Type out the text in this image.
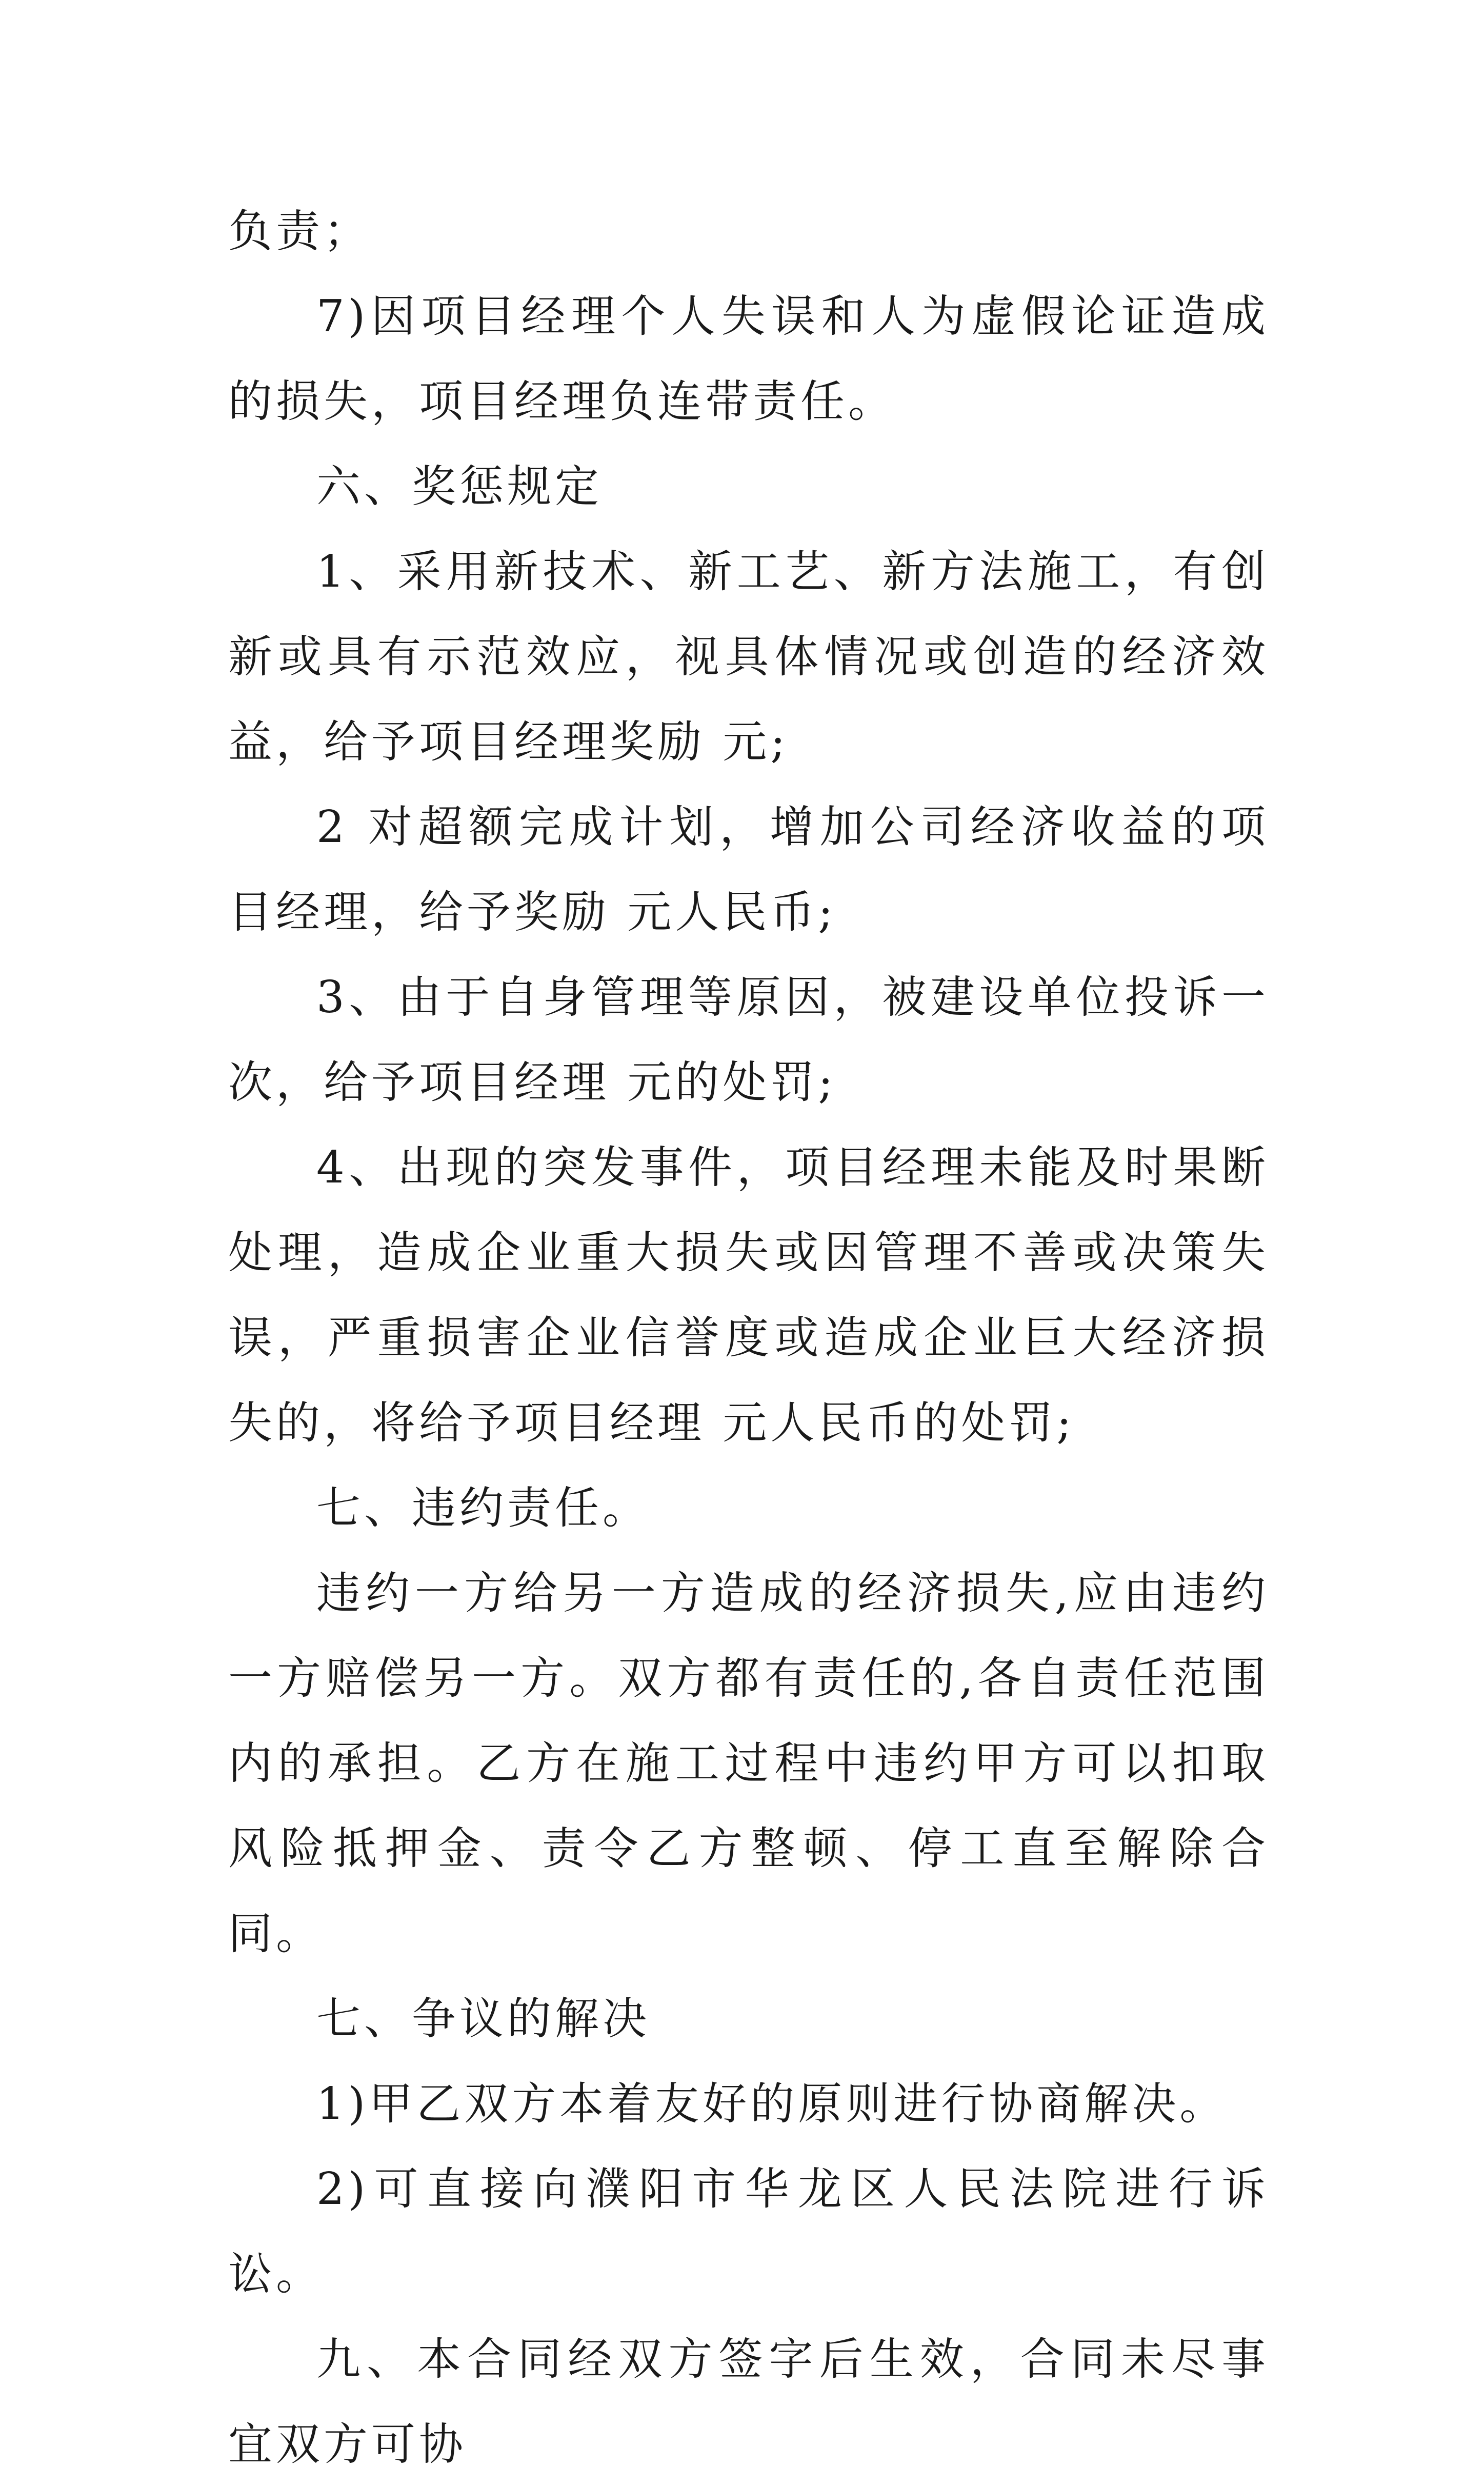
负责；

7)因项目经理个人失误和人为虚假论证造成的损失，项目经理负连带责任。

六、奖惩规定

1、采用新技术、新工艺、新方法施工，有创新或具有示范效应，视具体情况或创造的经济效益，给予项目经理奖励 元;

2 对超额完成计划，增加公司经济收益的项目经理，给予奖励 元人民币;

3、由于自身管理等原因，被建设单位投诉一次，给予项目经理 元的处罚;

4、出现的突发事件，项目经理未能及时果断处理，造成企业重大损失或因管理不善或决策失误，严重损害企业信誉度或造成企业巨大经济损失的，将给予项目经理 元人民币的处罚;

七、违约责任。

违约一方给另一方造成的经济损失,应由违约一方赔偿另一方。双方都有责任的,各自责任范围内的承担。乙方在施工过程中违约甲方可以扣取风险抵押金、责令乙方整顿、停工直至解除合同。

七、争议的解决

1)甲乙双方本着友好的原则进行协商解决。

2)可直接向濮阳市华龙区人民法院进行诉讼。

九、本合同经双方签字后生效，合同未尽事宜双方可协
